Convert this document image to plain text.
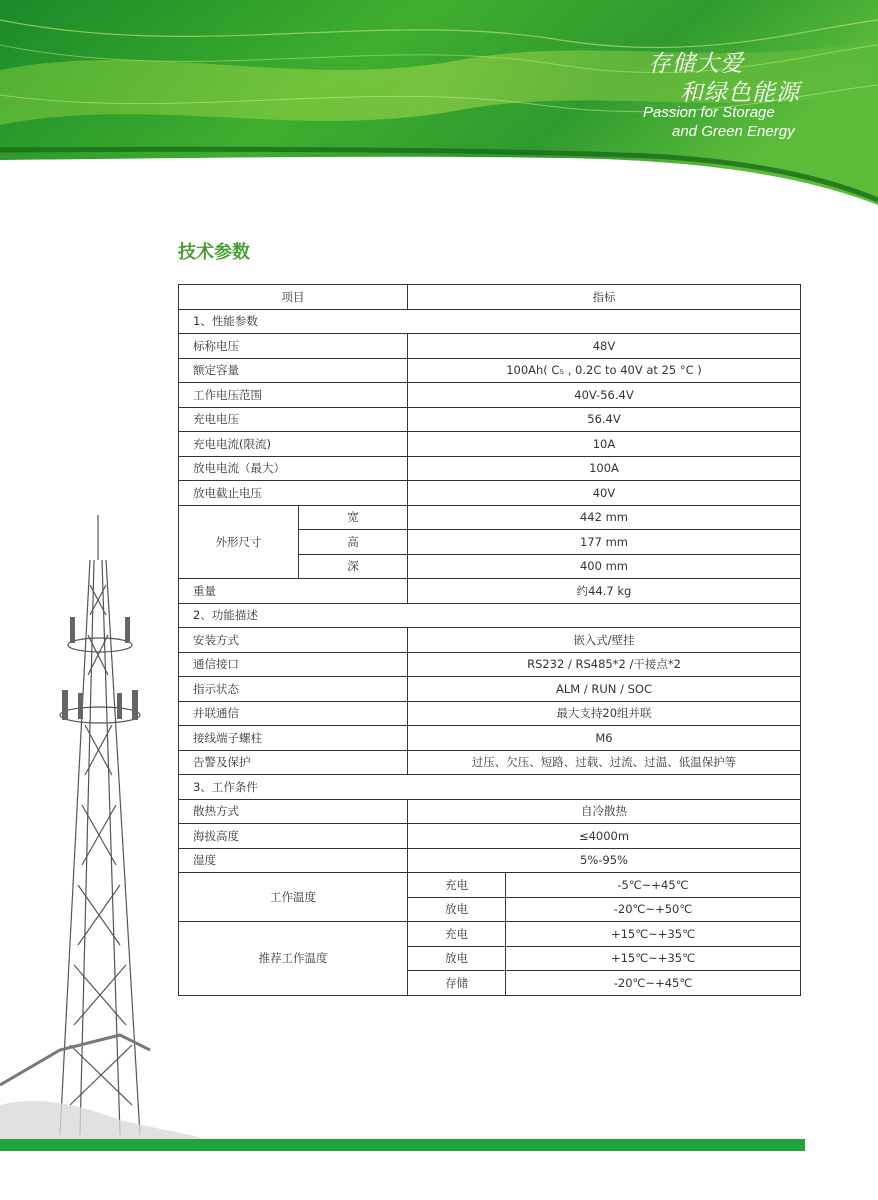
存储大爱
和绿色能源
Passion for Storage
and Green Energy
技术参数
项目		指标	
1、性能参数			
标称电压		48V	
额定容量		100Ah( C₅ , 0.2C to 40V at 25 °C )	
工作电压范围		40V-56.4V	
充电电压		56.4V	
充电电流(限流)		10A	
放电电流（最大）		100A	
放电截止电压		40V	
外形尺寸	宽	442 mm	
	高	177 mm	
	深	400 mm	
重量		约44.7 kg	
2、功能描述			
安装方式		嵌入式/壁挂	
通信接口		RS232 / RS485*2 /干接点*2	
指示状态		ALM / RUN / SOC	
并联通信		最大支持20组并联	
接线端子螺柱		M6	
告警及保护		过压、欠压、短路、过载、过流、过温、低温保护等	
3、工作条件			
散热方式		自冷散热	
海拔高度		≤4000m	
湿度		5%-95%	
工作温度		充电	-5℃~+45℃
		放电	-20℃~+50℃
推荐工作温度		充电	+15℃~+35℃
		放电	+15℃~+35℃
		存储	-20℃~+45℃
